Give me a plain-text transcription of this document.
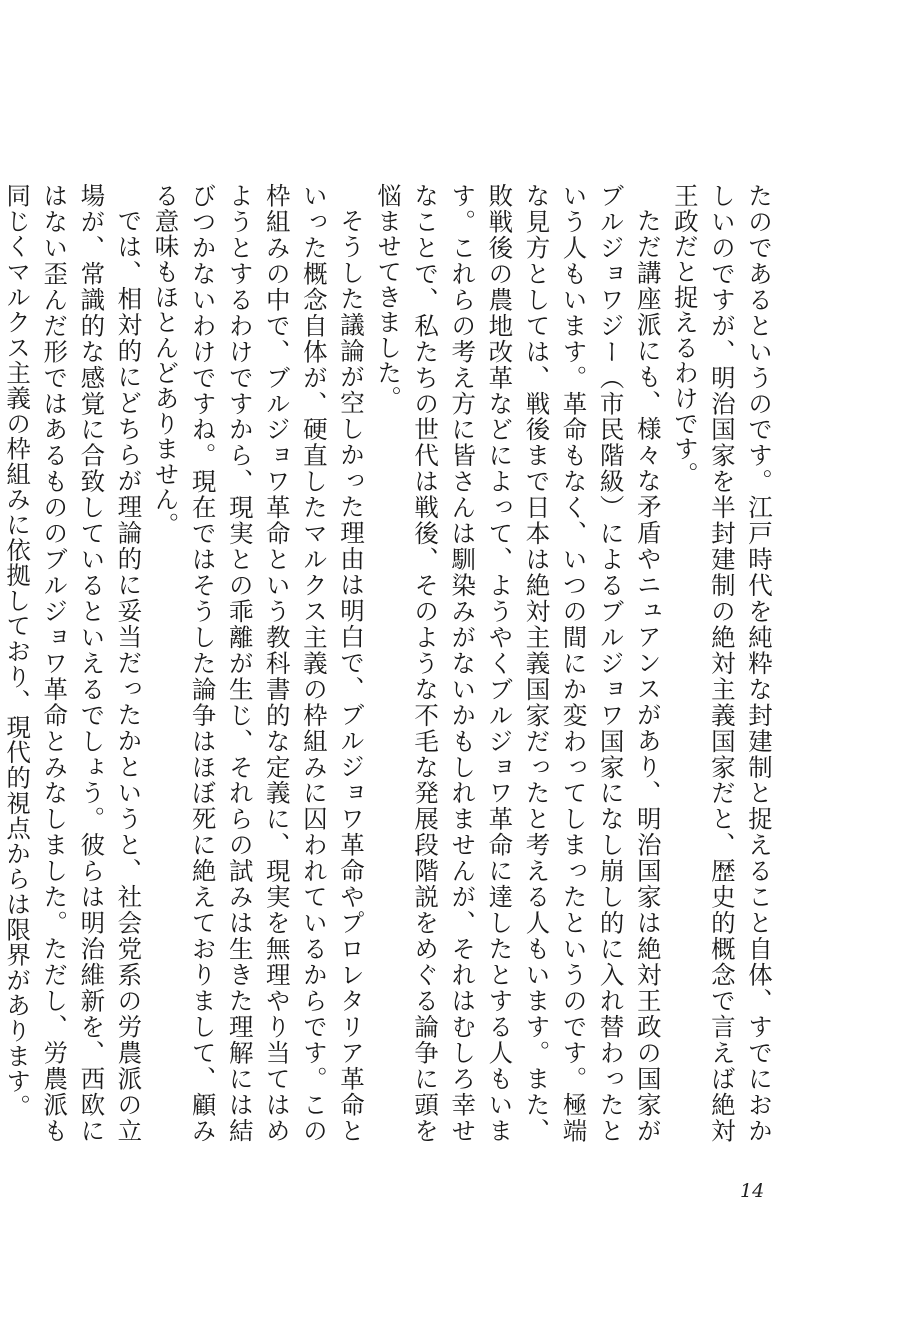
たのであるというのです。江戸時代を純粋な封建制と捉えること自体、すでにおかしいのですが、明治国家を半封建制の絶対主義国家だと、歴史的概念で言えば絶対王政だと捉えるわけです。

ただ講座派にも、様々な矛盾やニュアンスがあり、明治国家は絶対王政の国家がブルジョワジー（市民階級）によるブルジョワ国家になし崩し的に入れ替わったという人もいます。革命もなく、いつの間にか変わってしまったというのです。極端な見方としては、戦後まで日本は絶対主義国家だったと考える人もいます。また、敗戦後の農地改革などによって、ようやくブルジョワ革命に達したとする人もいます。これらの考え方に皆さんは馴染みがないかもしれませんが、それはむしろ幸せなことで、私たちの世代は戦後、そのような不毛な発展段階説をめぐる論争に頭を悩ませてきました。

そうした議論が空しかった理由は明白で、ブルジョワ革命やプロレタリア革命といった概念自体が、硬直したマルクス主義の枠組みに囚われているからです。この枠組みの中で、ブルジョワ革命という教科書的な定義に、現実を無理やり当てはめようとするわけですから、現実との乖離が生じ、それらの試みは生きた理解には結びつかないわけですね。現在ではそうした論争はほぼ死に絶えておりまして、顧みる意味もほとんどありません。

では、相対的にどちらが理論的に妥当だったかというと、社会党系の労農派の立場が、常識的な感覚に合致しているといえるでしょう。彼らは明治維新を、西欧にはない歪んだ形ではあるもののブルジョワ革命とみなしました。ただし、労農派も同じくマルクス主義の枠組みに依拠しており、現代的視点からは限界があります。

14
